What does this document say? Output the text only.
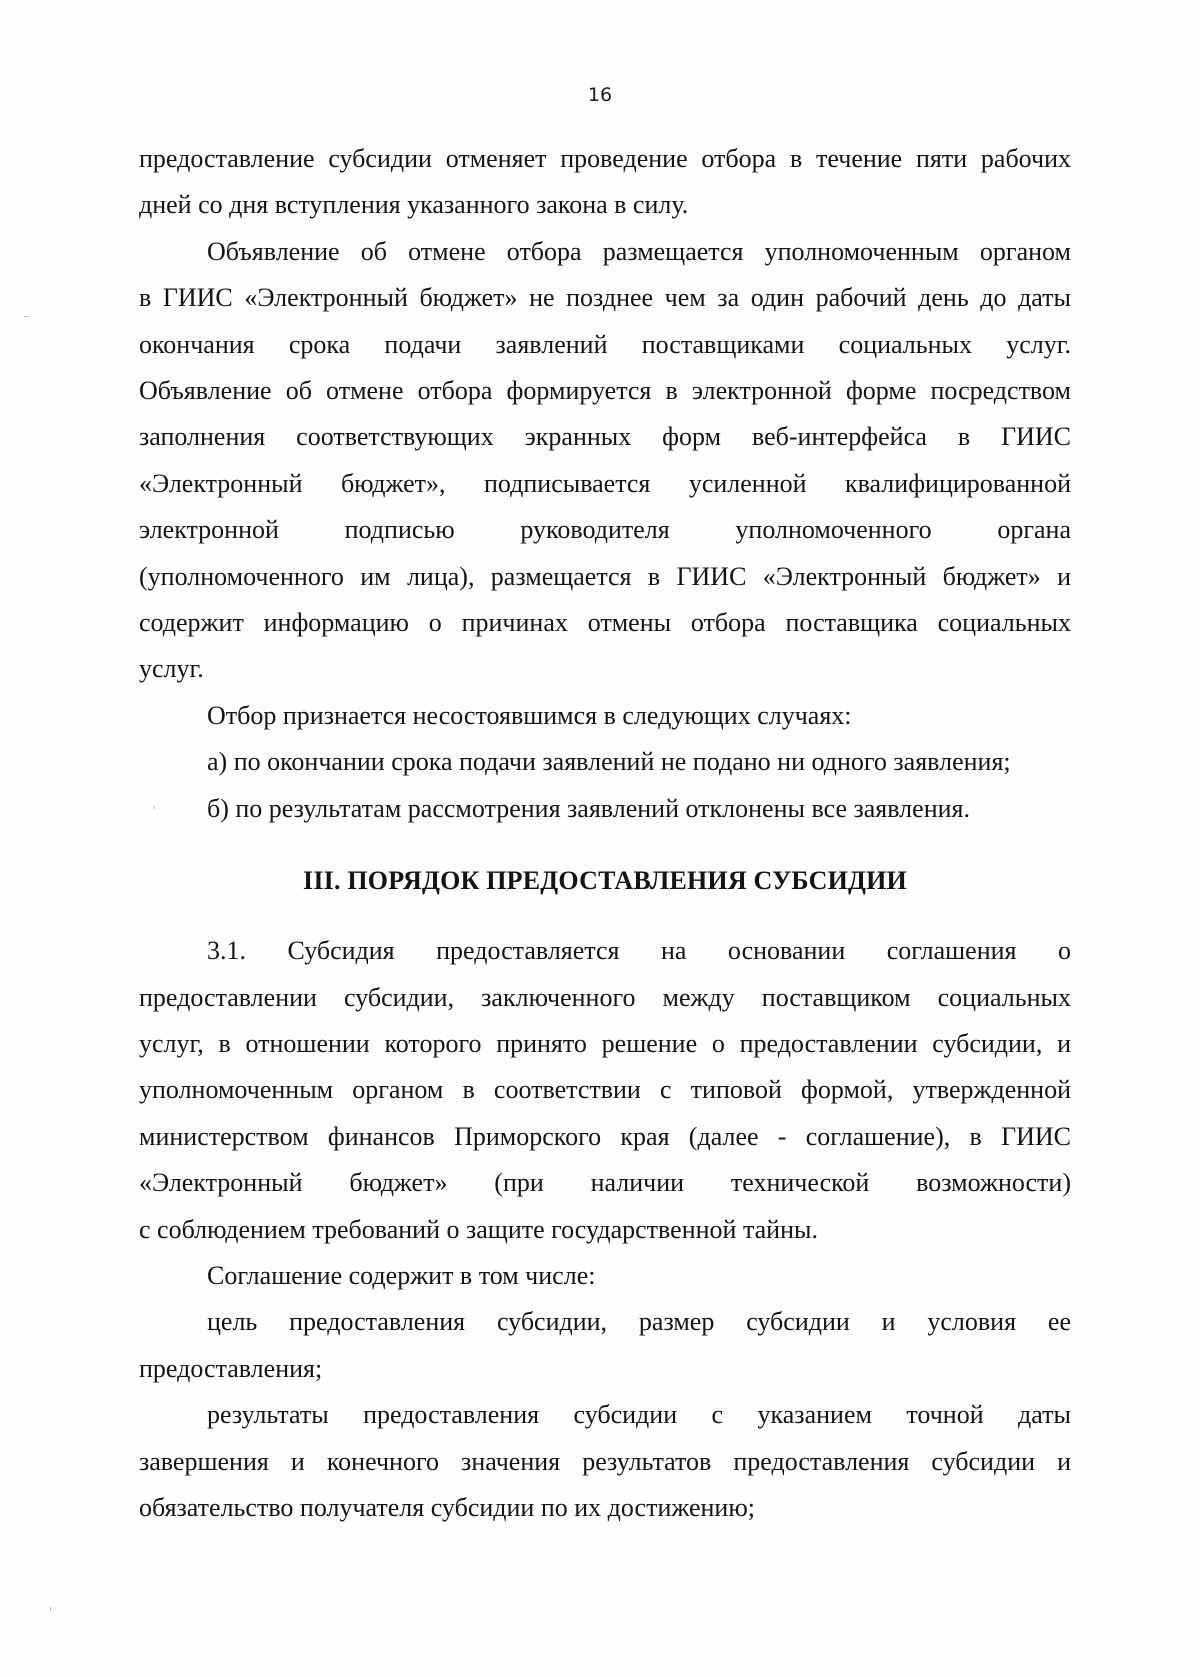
16

предоставление субсидии отменяет проведение отбора в течение пяти рабочих дней со дня вступления указанного закона в силу.

Объявление об отмене отбора размещается уполномоченным органом

в ГИИС «Электронный бюджет» не позднее чем за один рабочий день до даты

окончания срока подачи заявлений поставщиками социальных услуг.

Объявление об отмене отбора формируется в электронной форме посредством

заполнения соответствующих экранных форм веб-интерфейса в ГИИС

«Электронный бюджет», подписывается усиленной квалифицированной

электронной подписью руководителя уполномоченного органа

(уполномоченного им лица), размещается в ГИИС «Электронный бюджет» и

содержит информацию о причинах отмены отбора поставщика социальных

услуг.

Отбор признается несостоявшимся в следующих случаях:

а) по окончании срока подачи заявлений не подано ни одного заявления;

б) по результатам рассмотрения заявлений отклонены все заявления.

III. ПОРЯДОК ПРЕДОСТАВЛЕНИЯ СУБСИДИИ

3.1. Субсидия предоставляется на основании соглашения о

предоставлении субсидии, заключенного между поставщиком социальных

услуг, в отношении которого принято решение о предоставлении субсидии, и

уполномоченным органом в соответствии с типовой формой, утвержденной

министерством финансов Приморского края (далее - соглашение), в ГИИС

«Электронный бюджет» (при наличии технической возможности)

с соблюдением требований о защите государственной тайны.

Соглашение содержит в том числе:

цель предоставления субсидии, размер субсидии и условия ее

предоставления;

результаты предоставления субсидии с указанием точной даты

завершения и конечного значения результатов предоставления субсидии и

обязательство получателя субсидии по их достижению;
